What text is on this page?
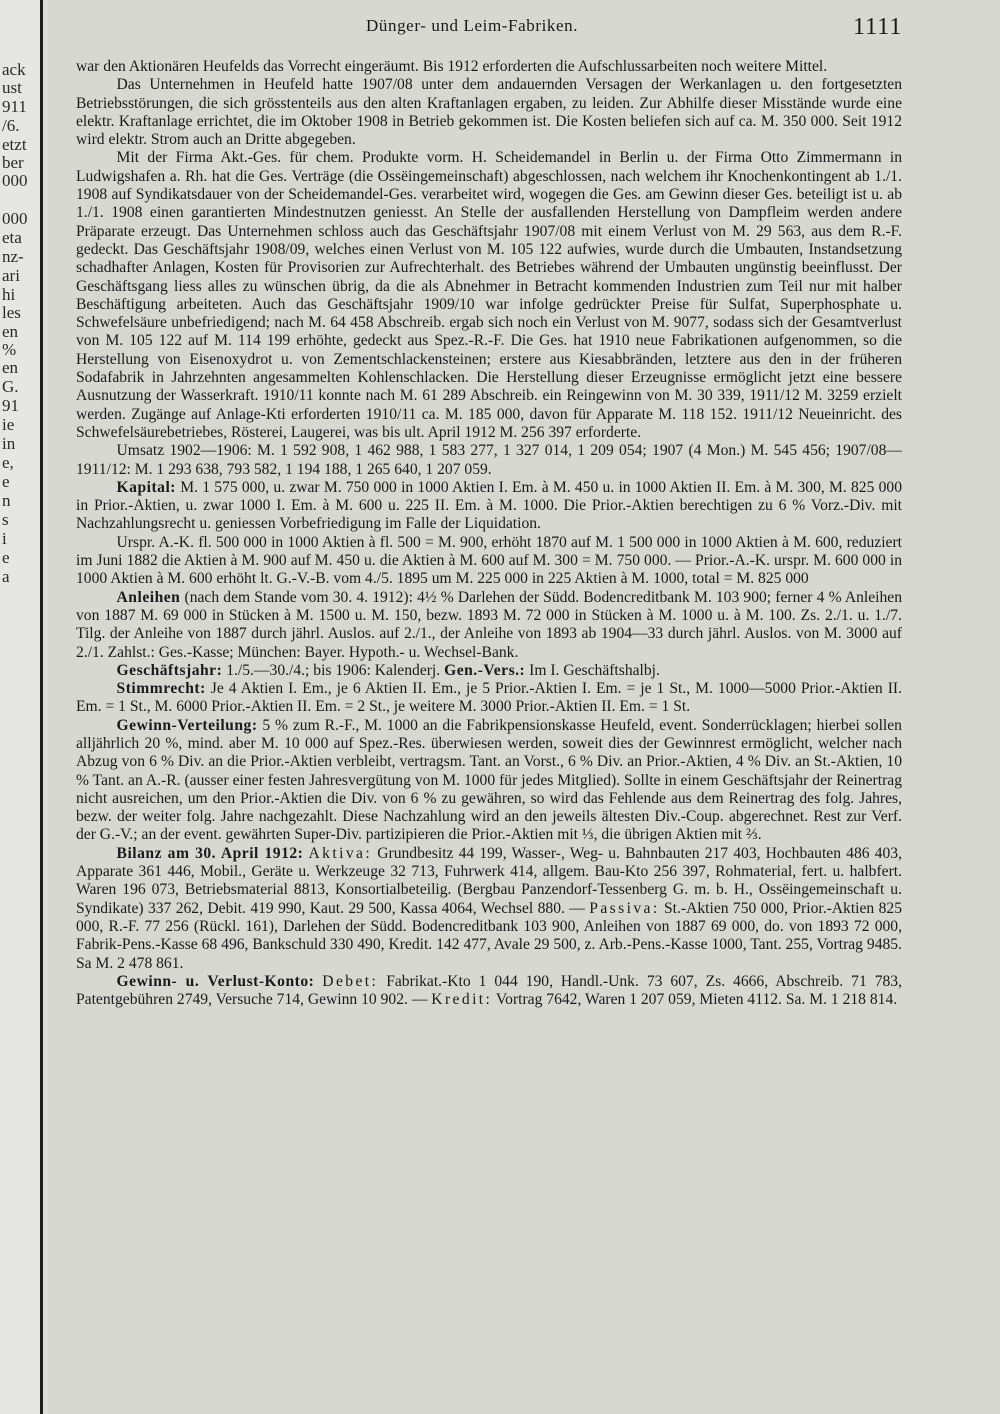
ack
ust
911
/6.
etzt
ber
000
000
eta
nz-
ari
hi
les
en
%
en
G.
91
ie
in
e,
e
n
s
i
e
a
Dünger- und Leim-Fabriken.	1111

war den Aktionären Heufelds das Vorrecht eingeräumt. Bis 1912 erforderten die Aufschlussarbeiten noch weitere Mittel.

Das Unternehmen in Heufeld hatte 1907/08 unter dem andauernden Versagen der Werkanlagen u. den fortgesetzten Betriebsstörungen, die sich grösstenteils aus den alten Kraftanlagen ergaben, zu leiden. Zur Abhilfe dieser Misstände wurde eine elektr. Kraftanlage errichtet, die im Oktober 1908 in Betrieb gekommen ist. Die Kosten beliefen sich auf ca. M. 350 000. Seit 1912 wird elektr. Strom auch an Dritte abgegeben.

Mit der Firma Akt.-Ges. für chem. Produkte vorm. H. Scheidemandel in Berlin u. der Firma Otto Zimmermann in Ludwigshafen a. Rh. hat die Ges. Verträge (die Ossëingemeinschaft) abgeschlossen, nach welchem ihr Knochenkontingent ab 1./1. 1908 auf Syndikatsdauer von der Scheidemandel-Ges. verarbeitet wird, wogegen die Ges. am Gewinn dieser Ges. beteiligt ist u. ab 1./1. 1908 einen garantierten Mindestnutzen geniesst. An Stelle der ausfallenden Herstellung von Dampfleim werden andere Präparate erzeugt. Das Unternehmen schloss auch das Geschäftsjahr 1907/08 mit einem Verlust von M. 29 563, aus dem R.-F. gedeckt. Das Geschäftsjahr 1908/09, welches einen Verlust von M. 105 122 aufwies, wurde durch die Umbauten, Instandsetzung schadhafter Anlagen, Kosten für Provisorien zur Aufrechterhalt. des Betriebes während der Umbauten ungünstig beeinflusst. Der Geschäftsgang liess alles zu wünschen übrig, da die als Abnehmer in Betracht kommenden Industrien zum Teil nur mit halber Beschäftigung arbeiteten. Auch das Geschäftsjahr 1909/10 war infolge gedrückter Preise für Sulfat, Superphosphate u. Schwefelsäure unbefriedigend; nach M. 64 458 Abschreib. ergab sich noch ein Verlust von M. 9077, sodass sich der Gesamtverlust von M. 105 122 auf M. 114 199 erhöhte, gedeckt aus Spez.-R.-F. Die Ges. hat 1910 neue Fabrikationen aufgenommen, so die Herstellung von Eisenoxydrot u. von Zementschlackensteinen; erstere aus Kiesabbränden, letztere aus den in der früheren Sodafabrik in Jahrzehnten angesammelten Kohlenschlacken. Die Herstellung dieser Erzeugnisse ermöglicht jetzt eine bessere Ausnutzung der Wasserkraft. 1910/11 konnte nach M. 61 289 Abschreib. ein Reingewinn von M. 30 339, 1911/12 M. 3259 erzielt werden. Zugänge auf Anlage-Kti erforderten 1910/11 ca. M. 185 000, davon für Apparate M. 118 152. 1911/12 Neueinricht. des Schwefelsäurebetriebes, Rösterei, Laugerei, was bis ult. April 1912 M. 256 397 erforderte.

Umsatz 1902—1906: M. 1 592 908, 1 462 988, 1 583 277, 1 327 014, 1 209 054; 1907 (4 Mon.) M. 545 456; 1907/08—1911/12: M. 1 293 638, 793 582, 1 194 188, 1 265 640, 1 207 059.

Kapital: M. 1 575 000, u. zwar M. 750 000 in 1000 Aktien I. Em. à M. 450 u. in 1000 Aktien II. Em. à M. 300, M. 825 000 in Prior.-Aktien, u. zwar 1000 I. Em. à M. 600 u. 225 II. Em. à M. 1000. Die Prior.-Aktien berechtigen zu 6 % Vorz.-Div. mit Nachzahlungsrecht u. geniessen Vorbefriedigung im Falle der Liquidation.

Urspr. A.-K. fl. 500 000 in 1000 Aktien à fl. 500 = M. 900, erhöht 1870 auf M. 1 500 000 in 1000 Aktien à M. 600, reduziert im Juni 1882 die Aktien à M. 900 auf M. 450 u. die Aktien à M. 600 auf M. 300 = M. 750 000. — Prior.-A.-K. urspr. M. 600 000 in 1000 Aktien à M. 600 erhöht lt. G.-V.-B. vom 4./5. 1895 um M. 225 000 in 225 Aktien à M. 1000, total = M. 825 000

Anleihen (nach dem Stande vom 30. 4. 1912): 4½ % Darlehen der Südd. Bodencreditbank M. 103 900; ferner 4 % Anleihen von 1887 M. 69 000 in Stücken à M. 1500 u. M. 150, bezw. 1893 M. 72 000 in Stücken à M. 1000 u. à M. 100. Zs. 2./1. u. 1./7. Tilg. der Anleihe von 1887 durch jährl. Auslos. auf 2./1., der Anleihe von 1893 ab 1904—33 durch jährl. Auslos. von M. 3000 auf 2./1. Zahlst.: Ges.-Kasse; München: Bayer. Hypoth.- u. Wechsel-Bank.

Geschäftsjahr: 1./5.—30./4.; bis 1906: Kalenderj. Gen.-Vers.: Im I. Geschäftshalbj.

Stimmrecht: Je 4 Aktien I. Em., je 6 Aktien II. Em., je 5 Prior.-Aktien I. Em. = je 1 St., M. 1000—5000 Prior.-Aktien II. Em. = 1 St., M. 6000 Prior.-Aktien II. Em. = 2 St., je weitere M. 3000 Prior.-Aktien II. Em. = 1 St.

Gewinn-Verteilung: 5 % zum R.-F., M. 1000 an die Fabrikpensionskasse Heufeld, event. Sonderrücklagen; hierbei sollen alljährlich 20 %, mind. aber M. 10 000 auf Spez.-Res. überwiesen werden, soweit dies der Gewinnrest ermöglicht, welcher nach Abzug von 6 % Div. an die Prior.-Aktien verbleibt, vertragsm. Tant. an Vorst., 6 % Div. an Prior.-Aktien, 4 % Div. an St.-Aktien, 10 % Tant. an A.-R. (ausser einer festen Jahresvergütung von M. 1000 für jedes Mitglied). Sollte in einem Geschäftsjahr der Reinertrag nicht ausreichen, um den Prior.-Aktien die Div. von 6 % zu gewähren, so wird das Fehlende aus dem Reinertrag des folg. Jahres, bezw. der weiter folg. Jahre nachgezahlt. Diese Nachzahlung wird an den jeweils ältesten Div.-Coup. abgerechnet. Rest zur Verf. der G.-V.; an der event. gewährten Super-Div. partizipieren die Prior.-Aktien mit ⅓, die übrigen Aktien mit ⅔.

Bilanz am 30. April 1912: Aktiva: Grundbesitz 44 199, Wasser-, Weg- u. Bahnbauten 217 403, Hochbauten 486 403, Apparate 361 446, Mobil., Geräte u. Werkzeuge 32 713, Fuhrwerk 414, allgem. Bau-Kto 256 397, Rohmaterial, fert. u. halbfert. Waren 196 073, Betriebsmaterial 8813, Konsortialbeteilig. (Bergbau Panzendorf-Tessenberg G. m. b. H., Ossëingemeinschaft u. Syndikate) 337 262, Debit. 419 990, Kaut. 29 500, Kassa 4064, Wechsel 880. — Passiva: St.-Aktien 750 000, Prior.-Aktien 825 000, R.-F. 77 256 (Rückl. 161), Darlehen der Südd. Bodencreditbank 103 900, Anleihen von 1887 69 000, do. von 1893 72 000, Fabrik-Pens.-Kasse 68 496, Bankschuld 330 490, Kredit. 142 477, Avale 29 500, z. Arb.-Pens.-Kasse 1000, Tant. 255, Vortrag 9485. Sa M. 2 478 861.

Gewinn- u. Verlust-Konto: Debet: Fabrikat.-Kto 1 044 190, Handl.-Unk. 73 607, Zs. 4666, Abschreib. 71 783, Patentgebühren 2749, Versuche 714, Gewinn 10 902. — Kredit: Vortrag 7642, Waren 1 207 059, Mieten 4112. Sa. M. 1 218 814.
